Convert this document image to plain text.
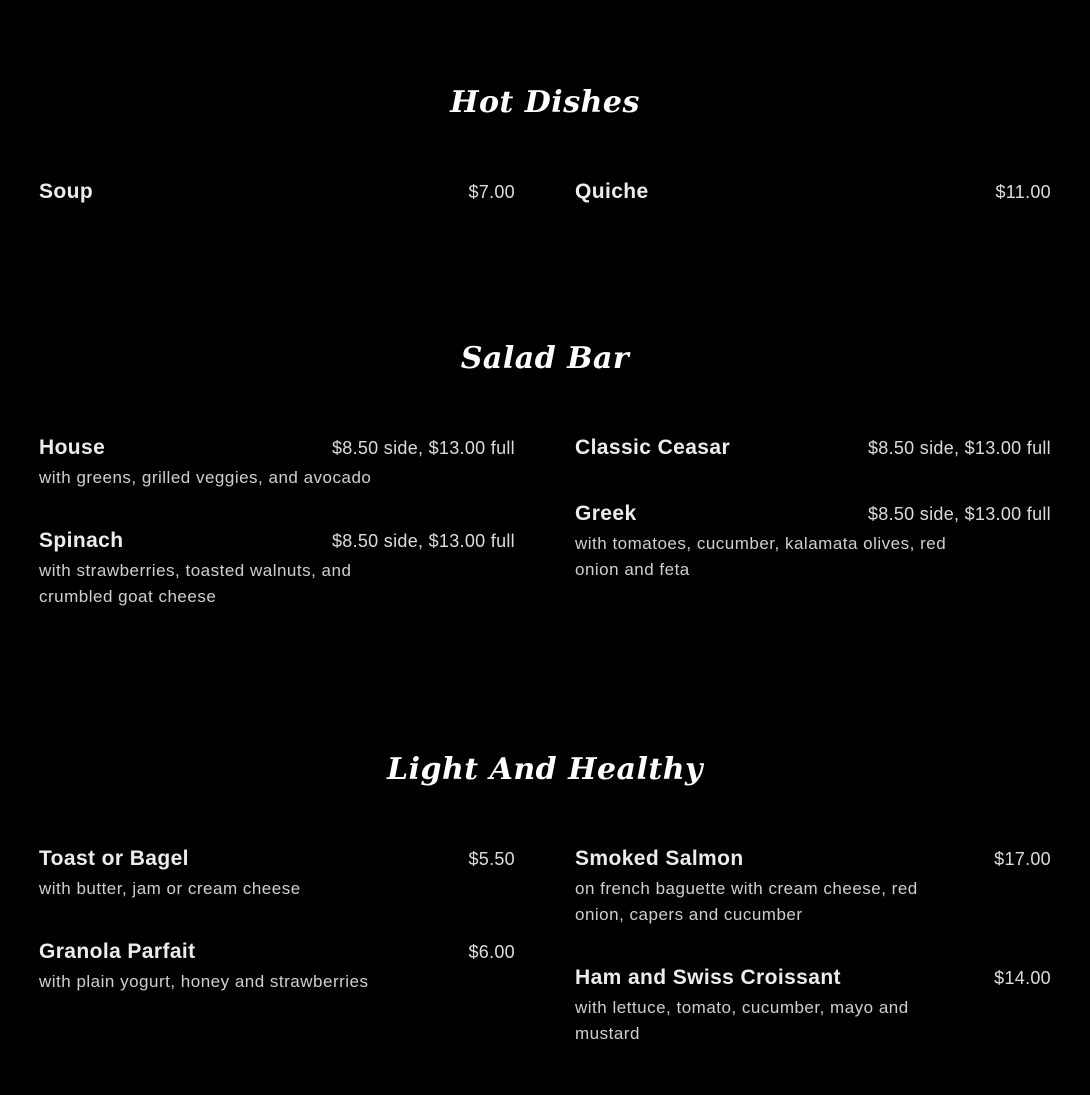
Hot Dishes
Soup	$7.00	Quiche	$11.00
Salad Bar
House	$8.50 side, $13.00 full
with greens, grilled veggies, and avocado
Spinach	$8.50 side, $13.00 full
with strawberries, toasted walnuts, and crumbled goat cheese
Classic Ceasar	$8.50 side, $13.00 full
Greek	$8.50 side, $13.00 full
with tomatoes, cucumber, kalamata olives, red onion and feta
Light And Healthy
Toast or Bagel	$5.50
with butter, jam or cream cheese
Granola Parfait	$6.00
with plain yogurt, honey and strawberries
Smoked Salmon	$17.00
on french baguette with cream cheese, red onion, capers and cucumber
Ham and Swiss Croissant	$14.00
with lettuce, tomato, cucumber, mayo and mustard
